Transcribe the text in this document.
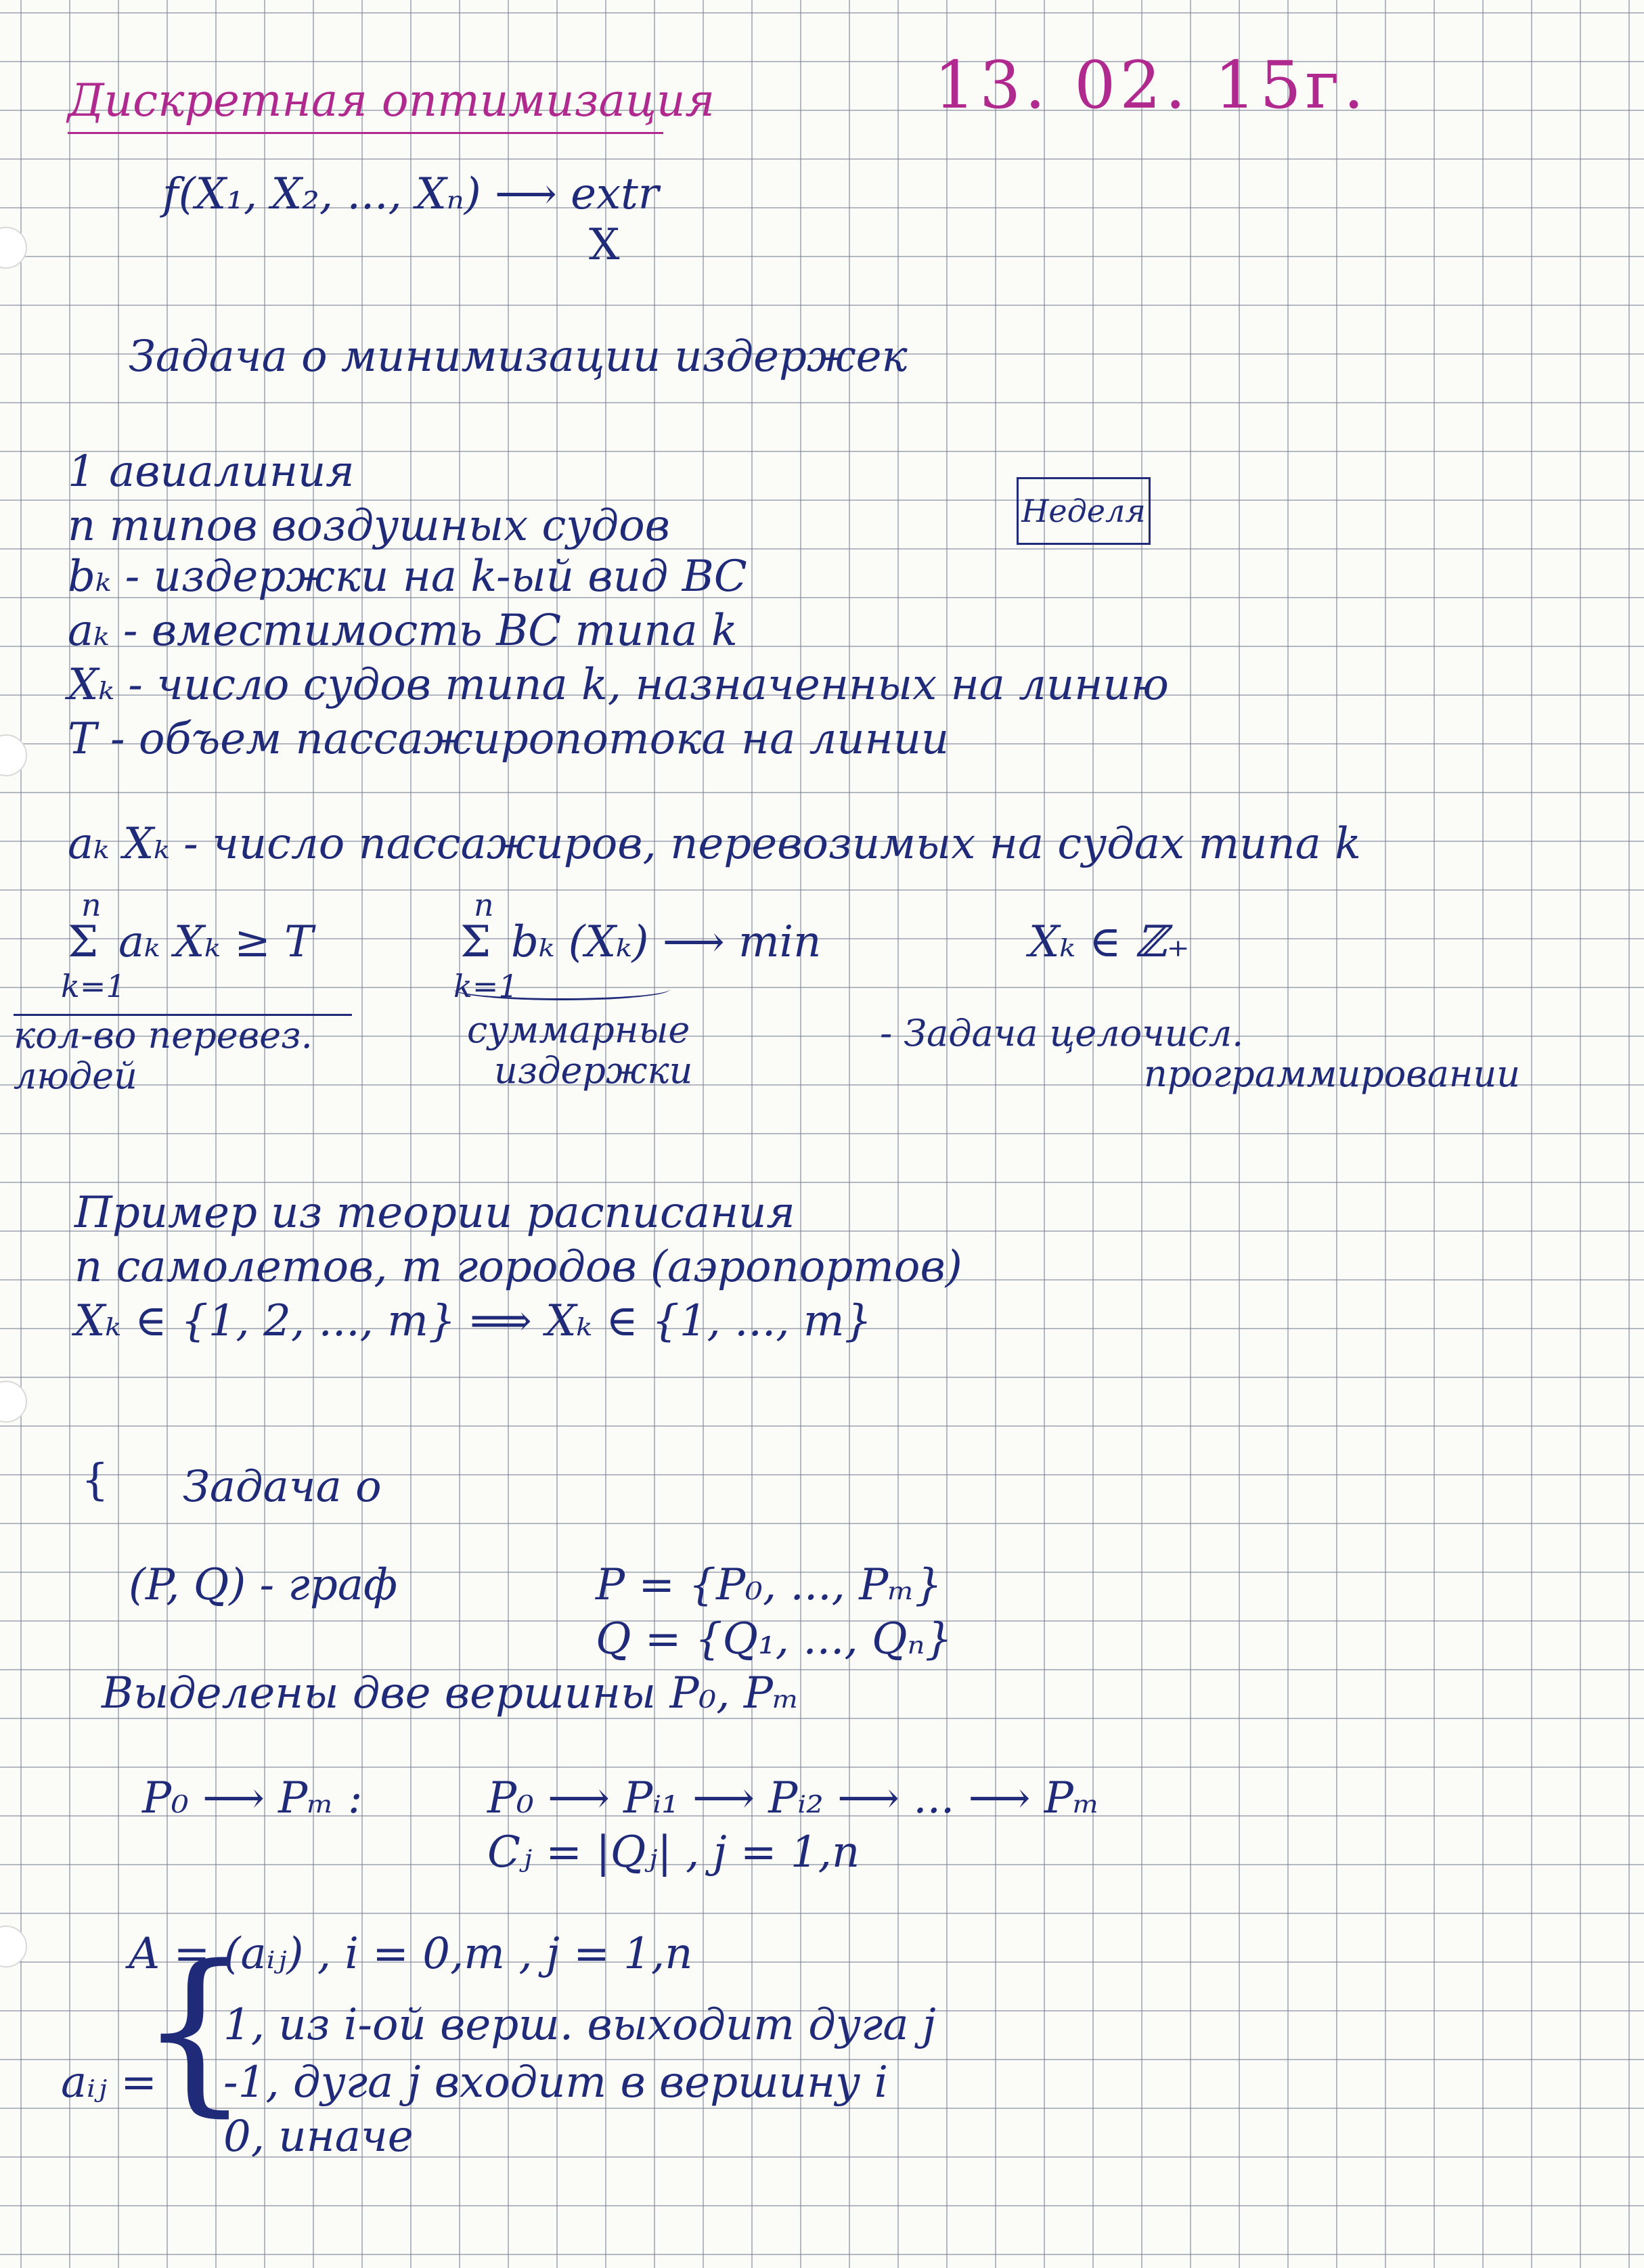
Дискретная оптимизация	13. 02. 15г.
f(X₁, X₂, ..., Xₙ) ⟶ extr
X
Задача о минимизации издержек
1 авиалиния
n типов воздушных судов
bₖ - издержки на k-ый вид ВС
aₖ - вместимость ВС типа k
Xₖ - число судов типа k, назначенных на линию
T - объем пассажиропотока на линии
Неделя
aₖ Xₖ - число пассажиров, перевозимых на судах типа k
n
Σ aₖ Xₖ ≥ T
k=1
кол-во перевез. людей
n
Σ bₖ (Xₖ) ⟶ min
k=1
суммарные
издержки
Xₖ ∈ ℤ₊
- Задача целочисл.
программировании
Пример из теории расписания
n самолетов, m городов (аэропортов)
Xₖ ∈ {1, 2, ..., m} ⟹ Xₖ ∈ {1, ..., m}
{ Задача о
(P, Q) - граф	P = {P₀, ..., Pₘ}
Q = {Q₁, ..., Qₙ}
Выделены две вершины P₀, Pₘ
P₀ ⟶ Pₘ :	P₀ ⟶ Pᵢ₁ ⟶ Pᵢ₂ ⟶ ... ⟶ Pₘ
Cⱼ = |Qⱼ| , j = 1,n
A = (aᵢⱼ) , i = 0,m , j = 1,n
aᵢⱼ =
{
1, из i-ой верш. выходит дуга j
-1, дуга j входит в вершину i
0, иначе
